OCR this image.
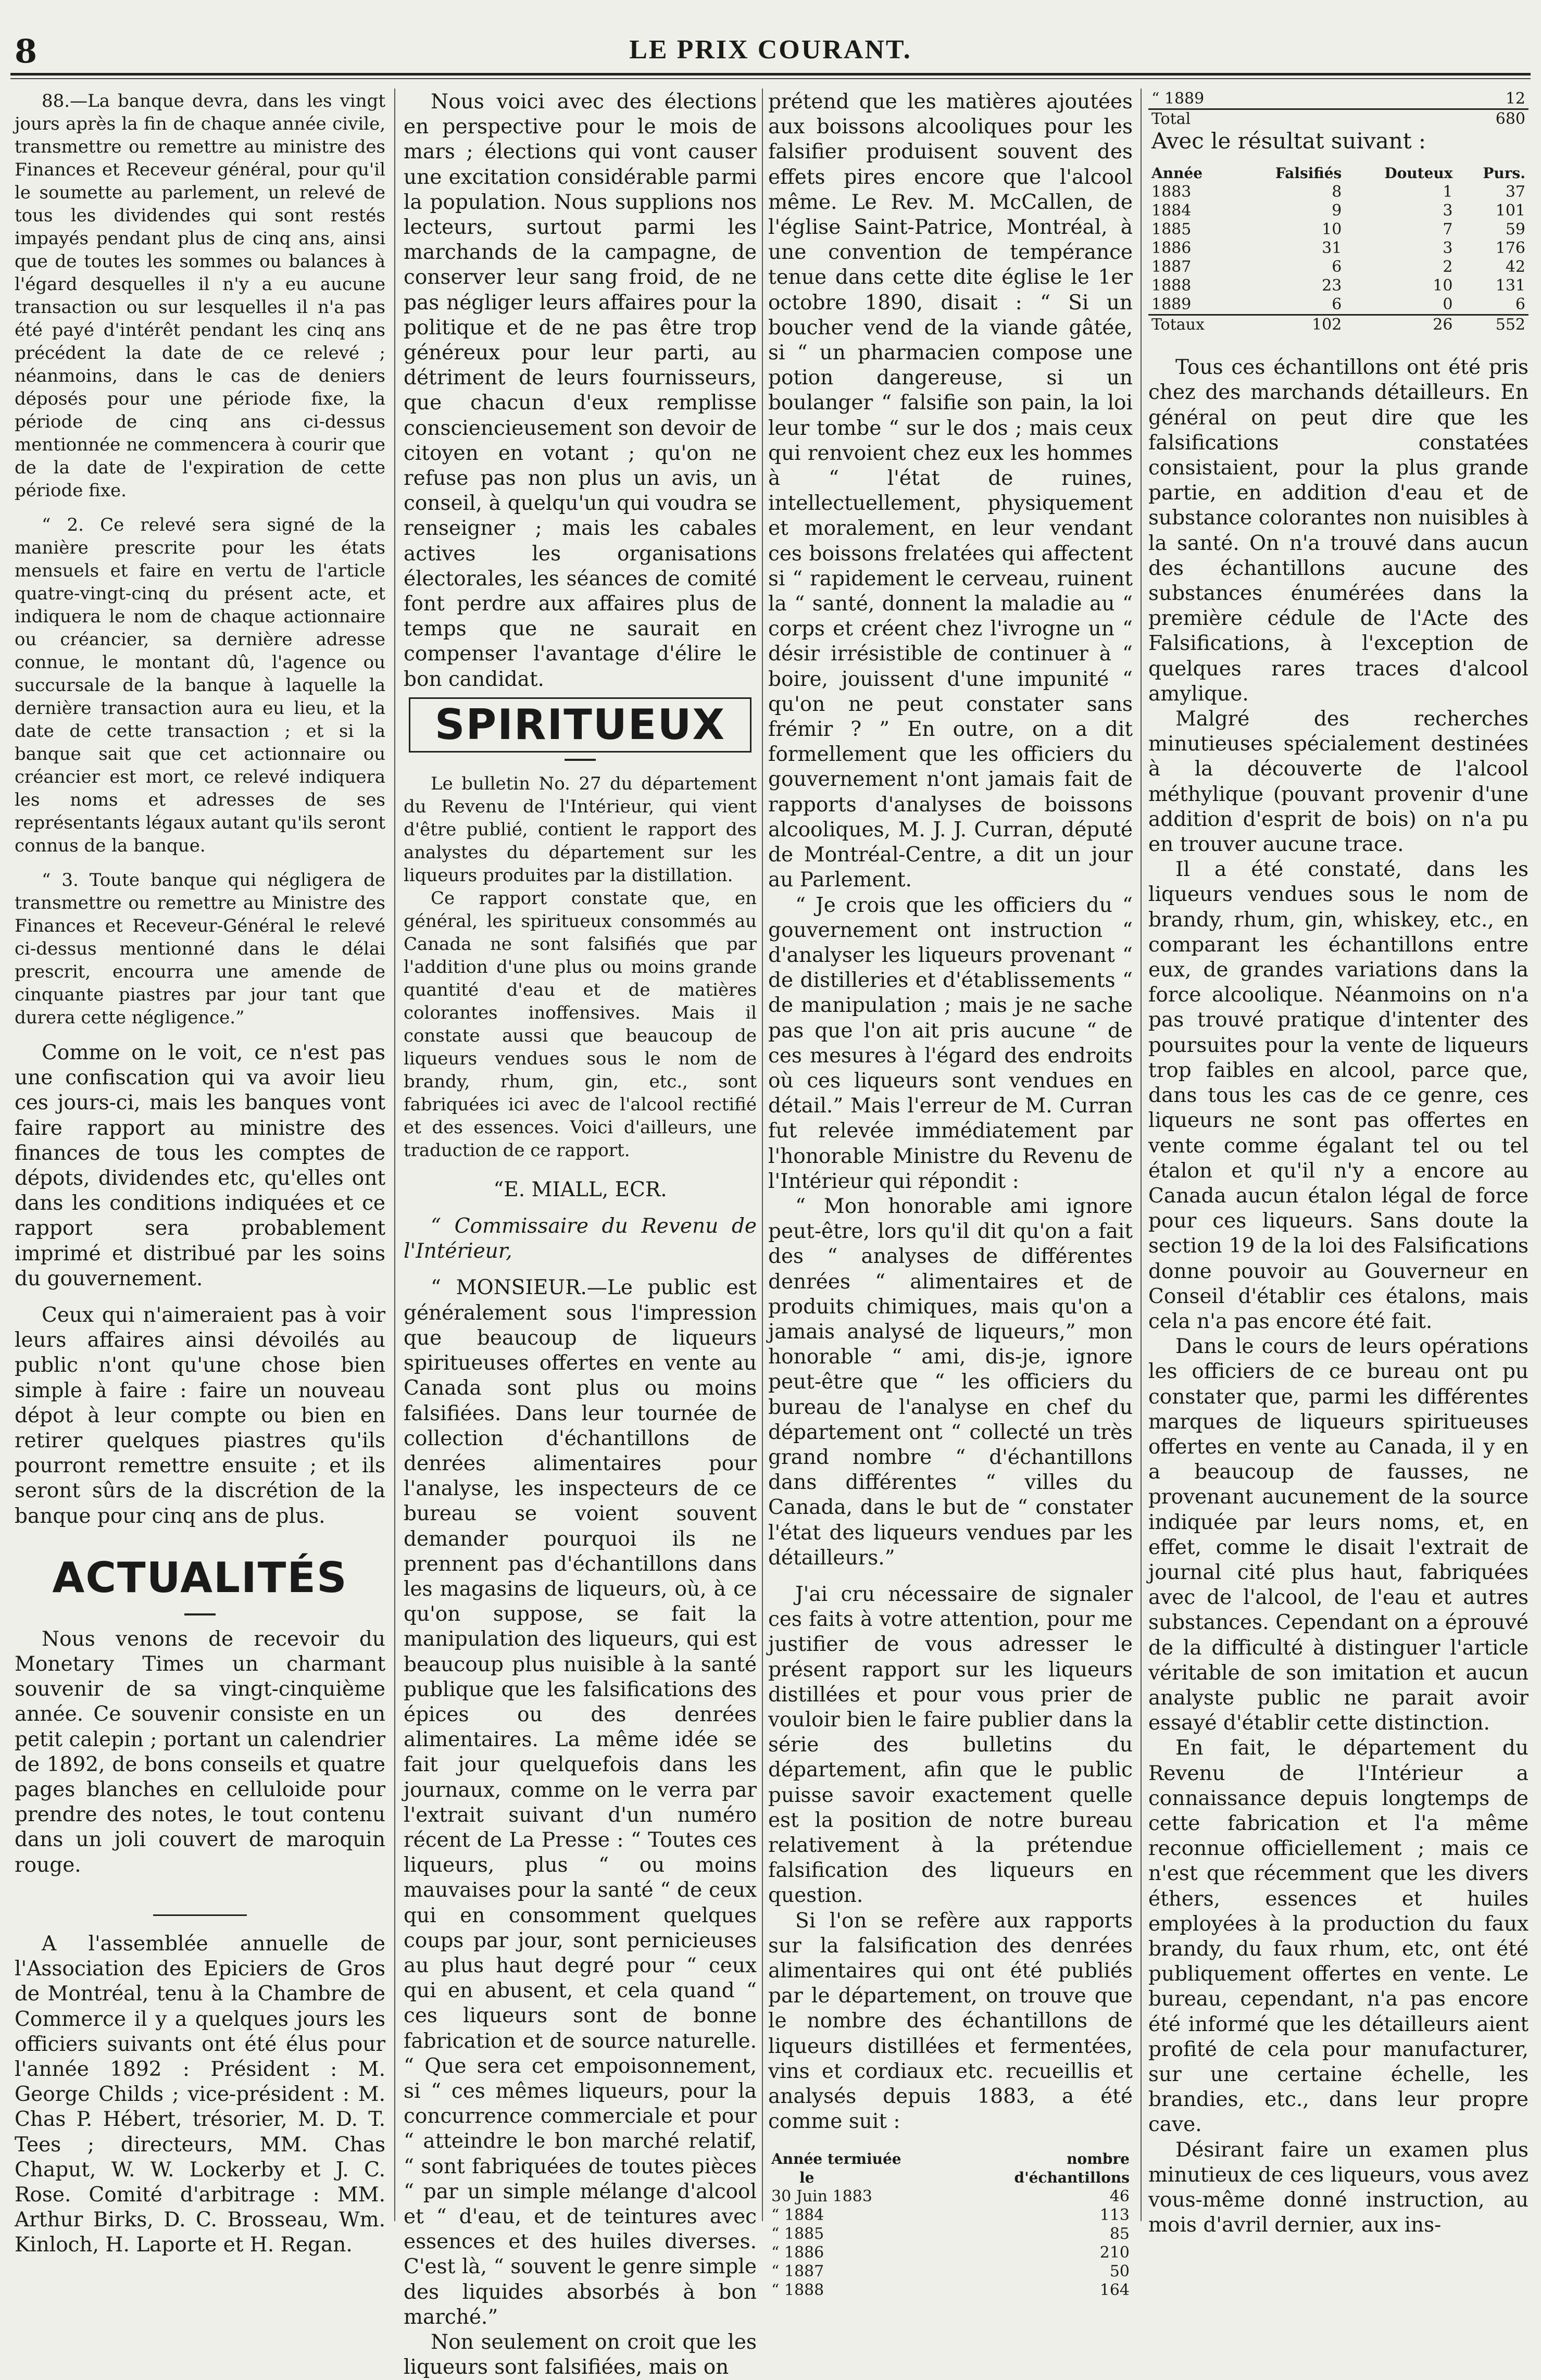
8	LE PRIX COURANT.

88.—La banque devra, dans les vingt jours après la fin de chaque année civile, transmettre ou remettre au ministre des Finances et Receveur général, pour qu'il le soumette au parlement, un relevé de tous les dividendes qui sont restés impayés pendant plus de cinq ans, ainsi que de toutes les sommes ou balances à l'égard desquelles il n'y a eu aucune transaction ou sur lesquelles il n'a pas été payé d'intérêt pendant les cinq ans précédent la date de ce relevé ; néanmoins, dans le cas de deniers déposés pour une période fixe, la période de cinq ans ci-dessus mentionnée ne commencera à courir que de la date de l'expiration de cette période fixe.

“ 2. Ce relevé sera signé de la manière prescrite pour les états mensuels et faire en vertu de l'article quatre-vingt-cinq du présent acte, et indiquera le nom de chaque actionnaire ou créancier, sa dernière adresse connue, le montant dû, l'agence ou succursale de la banque à laquelle la dernière transaction aura eu lieu, et la date de cette transaction ; et si la banque sait que cet actionnaire ou créancier est mort, ce relevé indiquera les noms et adresses de ses représentants légaux autant qu'ils seront connus de la banque.

“ 3. Toute banque qui négligera de transmettre ou remettre au Ministre des Finances et Receveur-Général le relevé ci-dessus mentionné dans le délai prescrit, encourra une amende de cinquante piastres par jour tant que durera cette négligence.”

Comme on le voit, ce n'est pas une confiscation qui va avoir lieu ces jours-ci, mais les banques vont faire rapport au ministre des finances de tous les comptes de dépots, dividendes etc, qu'elles ont dans les conditions indiquées et ce rapport sera probablement imprimé et distribué par les soins du gouvernement.

Ceux qui n'aimeraient pas à voir leurs affaires ainsi dévoilés au public n'ont qu'une chose bien simple à faire : faire un nouveau dépot à leur compte ou bien en retirer quelques piastres qu'ils pourront remettre ensuite ; et ils seront sûrs de la discrétion de la banque pour cinq ans de plus.

ACTUALITÉS

Nous venons de recevoir du Monetary Times un charmant souvenir de sa vingt-cinquième année. Ce souvenir consiste en un petit calepin ; portant un calendrier de 1892, de bons conseils et quatre pages blanches en celluloide pour prendre des notes, le tout contenu dans un joli couvert de maroquin rouge.

A l'assemblée annuelle de l'Association des Epiciers de Gros de Montréal, tenu à la Chambre de Commerce il y a quelques jours les officiers suivants ont été élus pour l'année 1892 : Président : M. George Childs ; vice-président : M. Chas P. Hébert, trésorier, M. D. T. Tees ; directeurs, MM. Chas Chaput, W. W. Lockerby et J. C. Rose. Comité d'arbitrage : MM. Arthur Birks, D. C. Brosseau, Wm. Kinloch, H. Laporte et H. Regan.

Nous voici avec des élections en perspective pour le mois de mars ; élections qui vont causer une excitation considérable parmi la population. Nous supplions nos lecteurs, surtout parmi les marchands de la campagne, de conserver leur sang froid, de ne pas négliger leurs affaires pour la politique et de ne pas être trop généreux pour leur parti, au détriment de leurs fournisseurs, que chacun d'eux remplisse consciencieusement son devoir de citoyen en votant ; qu'on ne refuse pas non plus un avis, un conseil, à quelqu'un qui voudra se renseigner ; mais les cabales actives les organisations électorales, les séances de comité font perdre aux affaires plus de temps que ne saurait en compenser l'avantage d'élire le bon candidat.

SPIRITUEUX

Le bulletin No. 27 du département du Revenu de l'Intérieur, qui vient d'être publié, contient le rapport des analystes du département sur les liqueurs produites par la distillation.

Ce rapport constate que, en général, les spiritueux consommés au Canada ne sont falsifiés que par l'addition d'une plus ou moins grande quantité d'eau et de matières colorantes inoffensives. Mais il constate aussi que beaucoup de liqueurs vendues sous le nom de brandy, rhum, gin, etc., sont fabriquées ici avec de l'alcool rectifié et des essences. Voici d'ailleurs, une traduction de ce rapport.

“E. MIALL, ECR.

“ Commissaire du Revenu de l'Intérieur,

“ MONSIEUR.—Le public est généralement sous l'impression que beaucoup de liqueurs spiritueuses offertes en vente au Canada sont plus ou moins falsifiées. Dans leur tournée de collection d'échantillons de denrées alimentaires pour l'analyse, les inspecteurs de ce bureau se voient souvent demander pourquoi ils ne prennent pas d'échantillons dans les magasins de liqueurs, où, à ce qu'on suppose, se fait la manipulation des liqueurs, qui est beaucoup plus nuisible à la santé publique que les falsifications des épices ou des denrées alimentaires. La même idée se fait jour quelquefois dans les journaux, comme on le verra par l'extrait suivant d'un numéro récent de La Presse : “ Toutes ces liqueurs, plus “ ou moins mauvaises pour la santé “ de ceux qui en consomment quelques coups par jour, sont pernicieuses au plus haut degré pour “ ceux qui en abusent, et cela quand “ ces liqueurs sont de bonne fabrication et de source naturelle. “ Que sera cet empoisonnement, si “ ces mêmes liqueurs, pour la concurrence commerciale et pour “ atteindre le bon marché relatif, “ sont fabriquées de toutes pièces “ par un simple mélange d'alcool et “ d'eau, et de teintures avec essences et des huiles diverses. C'est là, “ souvent le genre simple des liquides absorbés à bon marché.”

Non seulement on croit que les liqueurs sont falsifiées, mais on

prétend que les matières ajoutées aux boissons alcooliques pour les falsifier produisent souvent des effets pires encore que l'alcool même. Le Rev. M. McCallen, de l'église Saint-Patrice, Montréal, à une convention de tempérance tenue dans cette dite église le 1er octobre 1890, disait : “ Si un boucher vend de la viande gâtée, si “ un pharmacien compose une potion dangereuse, si un boulanger “ falsifie son pain, la loi leur tombe “ sur le dos ; mais ceux qui renvoient chez eux les hommes à “ l'état de ruines, intellectuellement, physiquement et moralement, en leur vendant ces boissons frelatées qui affectent si “ rapidement le cerveau, ruinent la “ santé, donnent la maladie au “ corps et créent chez l'ivrogne un “ désir irrésistible de continuer à “ boire, jouissent d'une impunité “ qu'on ne peut constater sans frémir ? ” En outre, on a dit formellement que les officiers du gouvernement n'ont jamais fait de rapports d'analyses de boissons alcooliques, M. J. J. Curran, député de Montréal-Centre, a dit un jour au Parlement.

“ Je crois que les officiers du “ gouvernement ont instruction “ d'analyser les liqueurs provenant “ de distilleries et d'établissements “ de manipulation ; mais je ne sache pas que l'on ait pris aucune “ de ces mesures à l'égard des endroits où ces liqueurs sont vendues en détail.” Mais l'erreur de M. Curran fut relevée immédiatement par l'honorable Ministre du Revenu de l'Intérieur qui répondit :

“ Mon honorable ami ignore peut-être, lors qu'il dit qu'on a fait des “ analyses de différentes denrées “ alimentaires et de produits chimiques, mais qu'on a jamais analysé de liqueurs,” mon honorable “ ami, dis-je, ignore peut-être que “ les officiers du bureau de l'analyse en chef du département ont “ collecté un très grand nombre “ d'échantillons dans différentes “ villes du Canada, dans le but de “ constater l'état des liqueurs vendues par les détailleurs.”

J'ai cru nécessaire de signaler ces faits à votre attention, pour me justifier de vous adresser le présent rapport sur les liqueurs distillées et pour vous prier de vouloir bien le faire publier dans la série des bulletins du département, afin que le public puisse savoir exactement quelle est la position de notre bureau relativement à la prétendue falsification des liqueurs en question.

Si l'on se refère aux rapports sur la falsification des denrées alimentaires qui ont été publiés par le département, on trouve que le nombre des échantillons de liqueurs distillées et fermentées, vins et cordiaux etc. recueillis et analysés depuis 1883, a été comme suit :

Année termiuée	nombre
le	d'échantillons
30 Juin 1883	46
“ 1884	113
“ 1885	85
“ 1886	210
“ 1887	50
“ 1888	164
“ 1889	12
Total	680

Avec le résultat suivant :

Année	Falsifiés	Douteux	Purs.
1883	8	1	37
1884	9	3	101
1885	10	7	59
1886	31	3	176
1887	6	2	42
1888	23	10	131
1889	6	0	6
Totaux	102	26	552

Tous ces échantillons ont été pris chez des marchands détailleurs. En général on peut dire que les falsifications constatées consistaient, pour la plus grande partie, en addition d'eau et de substance colorantes non nuisibles à la santé. On n'a trouvé dans aucun des échantillons aucune des substances énumérées dans la première cédule de l'Acte des Falsifications, à l'exception de quelques rares traces d'alcool amylique.

Malgré des recherches minutieuses spécialement destinées à la découverte de l'alcool méthylique (pouvant provenir d'une addition d'esprit de bois) on n'a pu en trouver aucune trace.

Il a été constaté, dans les liqueurs vendues sous le nom de brandy, rhum, gin, whiskey, etc., en comparant les échantillons entre eux, de grandes variations dans la force alcoolique. Néanmoins on n'a pas trouvé pratique d'intenter des poursuites pour la vente de liqueurs trop faibles en alcool, parce que, dans tous les cas de ce genre, ces liqueurs ne sont pas offertes en vente comme égalant tel ou tel étalon et qu'il n'y a encore au Canada aucun étalon légal de force pour ces liqueurs. Sans doute la section 19 de la loi des Falsifications donne pouvoir au Gouverneur en Conseil d'établir ces étalons, mais cela n'a pas encore été fait.

Dans le cours de leurs opérations les officiers de ce bureau ont pu constater que, parmi les différentes marques de liqueurs spiritueuses offertes en vente au Canada, il y en a beaucoup de fausses, ne provenant aucunement de la source indiquée par leurs noms, et, en effet, comme le disait l'extrait de journal cité plus haut, fabriquées avec de l'alcool, de l'eau et autres substances. Cependant on a éprouvé de la difficulté à distinguer l'article véritable de son imitation et aucun analyste public ne parait avoir essayé d'établir cette distinction.

En fait, le département du Revenu de l'Intérieur a connaissance depuis longtemps de cette fabrication et l'a même reconnue officiellement ; mais ce n'est que récemment que les divers éthers, essences et huiles employées à la production du faux brandy, du faux rhum, etc, ont été publiquement offertes en vente. Le bureau, cependant, n'a pas encore été informé que les détailleurs aient profité de cela pour manufacturer, sur une certaine échelle, les brandies, etc., dans leur propre cave.

Désirant faire un examen plus minutieux de ces liqueurs, vous avez vous-même donné instruction, au mois d'avril dernier, aux ins-
